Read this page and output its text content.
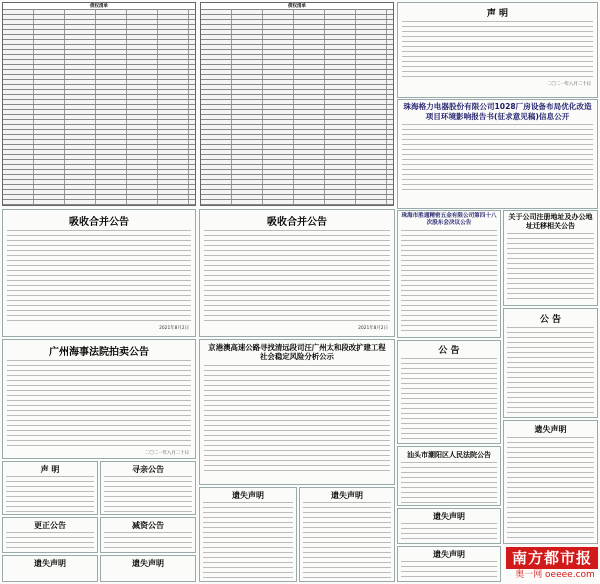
债权清单	债权清单
声 明
二〇二一年八月二十日
珠海格力电器股份有限公司1028厂房设备布局优化改造项目环境影响报告书(征求意见稿)信息公开
吸收合并公告
2021年8月2日
吸收合并公告
2021年8月2日
珠海市胜通精密五金有限公司第四十八次股东会决议公告
关于公司注册地址及办公地址迁移相关公告
公 告
广州海事法院拍卖公告
二〇二一年八月二十日
京港澳高速公路寻找清远段司汪广州太和段改扩建工程社会稳定风险分析公示
公 告
汕头市潮阳区人民法院公告
遗失声明
声 明	寻亲公告
更正公告	减资公告
遗失声明	遗失声明
遗失声明	遗失声明
遗失声明
遗失声明	南方都市报
奥一网 oeeee.com
